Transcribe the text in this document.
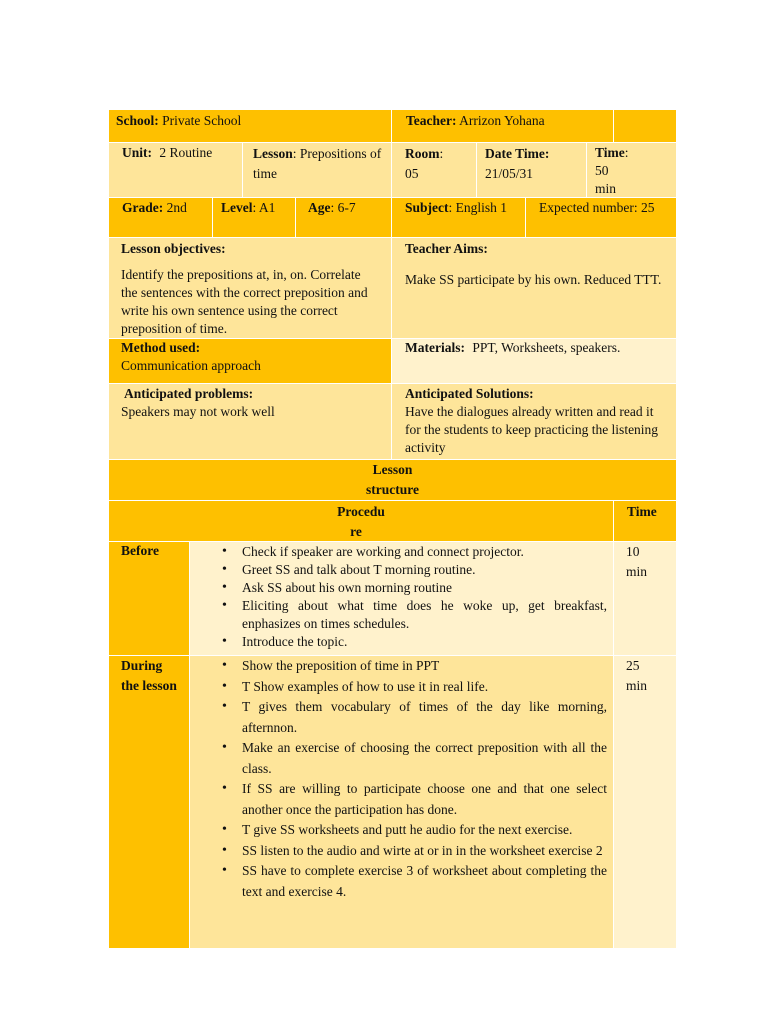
School: Private School	Teacher: Arrizon Yohana
Unit: 2 Routine	Lesson: Prepositions of time
Room:
05
Date Time:
21/05/31
Time:
50 min
Grade: 2nd	Level: A1	Age: 6-7	Subject: English 1	Expected number: 25
Lesson objectives:
Identify the prepositions at, in, on. Correlate the sentences with the correct preposition and write his own sentence using the correct preposition of time.
Teacher Aims:
Make SS participate by his own. Reduced TTT.
Method used:
Communication approach
Materials: PPT, Worksheets, speakers.
Anticipated problems:
Speakers may not work well
Anticipated Solutions:
Have the dialogues already written and read it for the students to keep practicing the listening activity
Lesson
structure
Procedu
re
Time
Before
•	Check if speaker are working and connect projector.
• Greet SS and talk about T morning routine.
• Ask SS about his own morning routine
• Eliciting about what time does he woke up, get breakfast, enphasizes on times schedules.
• Introduce the topic.
10
min
During
the lesson
• Show the preposition of time in PPT
• T Show examples of how to use it in real life.
• T gives them vocabulary of times of the day like morning, afternnon.
• Make an exercise of choosing the correct preposition with all the class.
• If SS are willing to participate choose one and that one select another once the participation has done.
• T give SS worksheets and putt he audio for the next exercise.
• SS listen to the audio and wirte at or in in the worksheet exercise 2
• SS have to complete exercise 3 of worksheet about completing the text and exercise 4.
25
min
